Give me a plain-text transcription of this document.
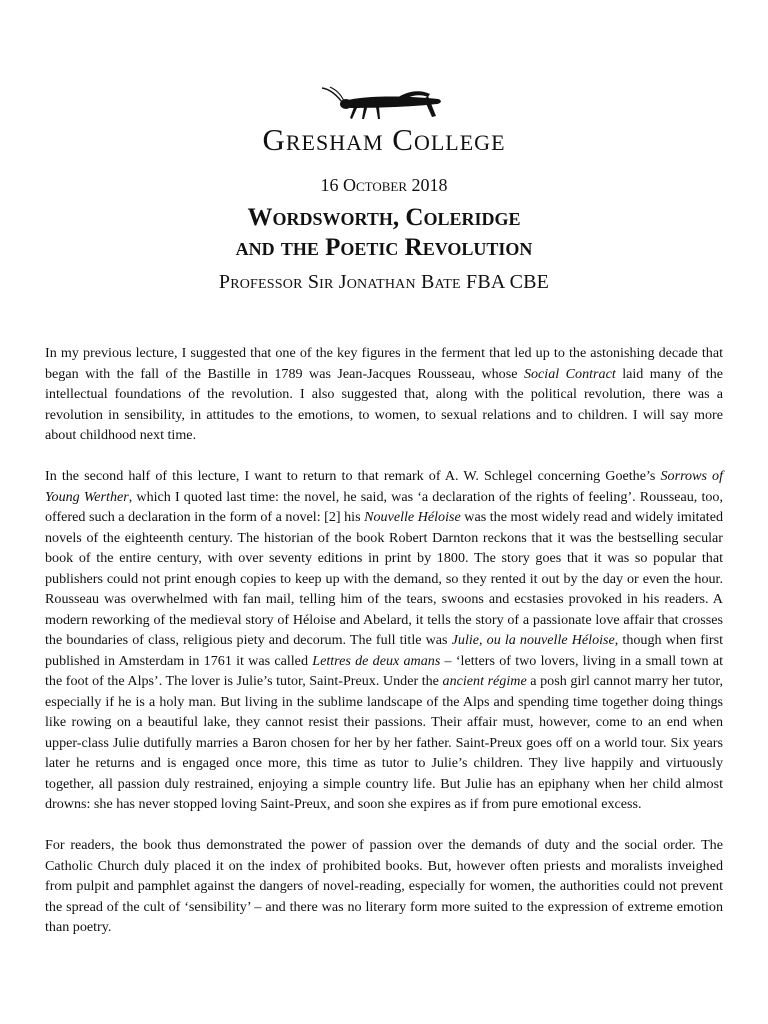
Gresham College
16 October 2018
Wordsworth, Coleridge
and the Poetic Revolution
Professor Sir Jonathan Bate FBA CBE

In my previous lecture, I suggested that one of the key figures in the ferment that led up to the astonishing decade that began with the fall of the Bastille in 1789 was Jean-Jacques Rousseau, whose Social Contract laid many of the intellectual foundations of the revolution. I also suggested that, along with the political revolution, there was a revolution in sensibility, in attitudes to the emotions, to women, to sexual relations and to children. I will say more about childhood next time.

In the second half of this lecture, I want to return to that remark of A. W. Schlegel concerning Goethe’s Sorrows of Young Werther, which I quoted last time: the novel, he said, was ‘a declaration of the rights of feeling’. Rousseau, too, offered such a declaration in the form of a novel: [2] his Nouvelle Héloise was the most widely read and widely imitated novels of the eighteenth century. The historian of the book Robert Darnton reckons that it was the bestselling secular book of the entire century, with over seventy editions in print by 1800. The story goes that it was so popular that publishers could not print enough copies to keep up with the demand, so they rented it out by the day or even the hour. Rousseau was overwhelmed with fan mail, telling him of the tears, swoons and ecstasies provoked in his readers. A modern reworking of the medieval story of Héloise and Abelard, it tells the story of a passionate love affair that crosses the boundaries of class, religious piety and decorum. The full title was Julie, ou la nouvelle Héloise, though when first published in Amsterdam in 1761 it was called Lettres de deux amans – ‘letters of two lovers, living in a small town at the foot of the Alps’. The lover is Julie’s tutor, Saint-Preux. Under the ancient régime a posh girl cannot marry her tutor, especially if he is a holy man. But living in the sublime landscape of the Alps and spending time together doing things like rowing on a beautiful lake, they cannot resist their passions. Their affair must, however, come to an end when upper-class Julie dutifully marries a Baron chosen for her by her father. Saint-Preux goes off on a world tour. Six years later he returns and is engaged once more, this time as tutor to Julie’s children. They live happily and virtuously together, all passion duly restrained, enjoying a simple country life. But Julie has an epiphany when her child almost drowns: she has never stopped loving Saint-Preux, and soon she expires as if from pure emotional excess.

For readers, the book thus demonstrated the power of passion over the demands of duty and the social order. The Catholic Church duly placed it on the index of prohibited books. But, however often priests and moralists inveighed from pulpit and pamphlet against the dangers of novel-reading, especially for women, the authorities could not prevent the spread of the cult of ‘sensibility’ – and there was no literary form more suited to the expression of extreme emotion than poetry.
